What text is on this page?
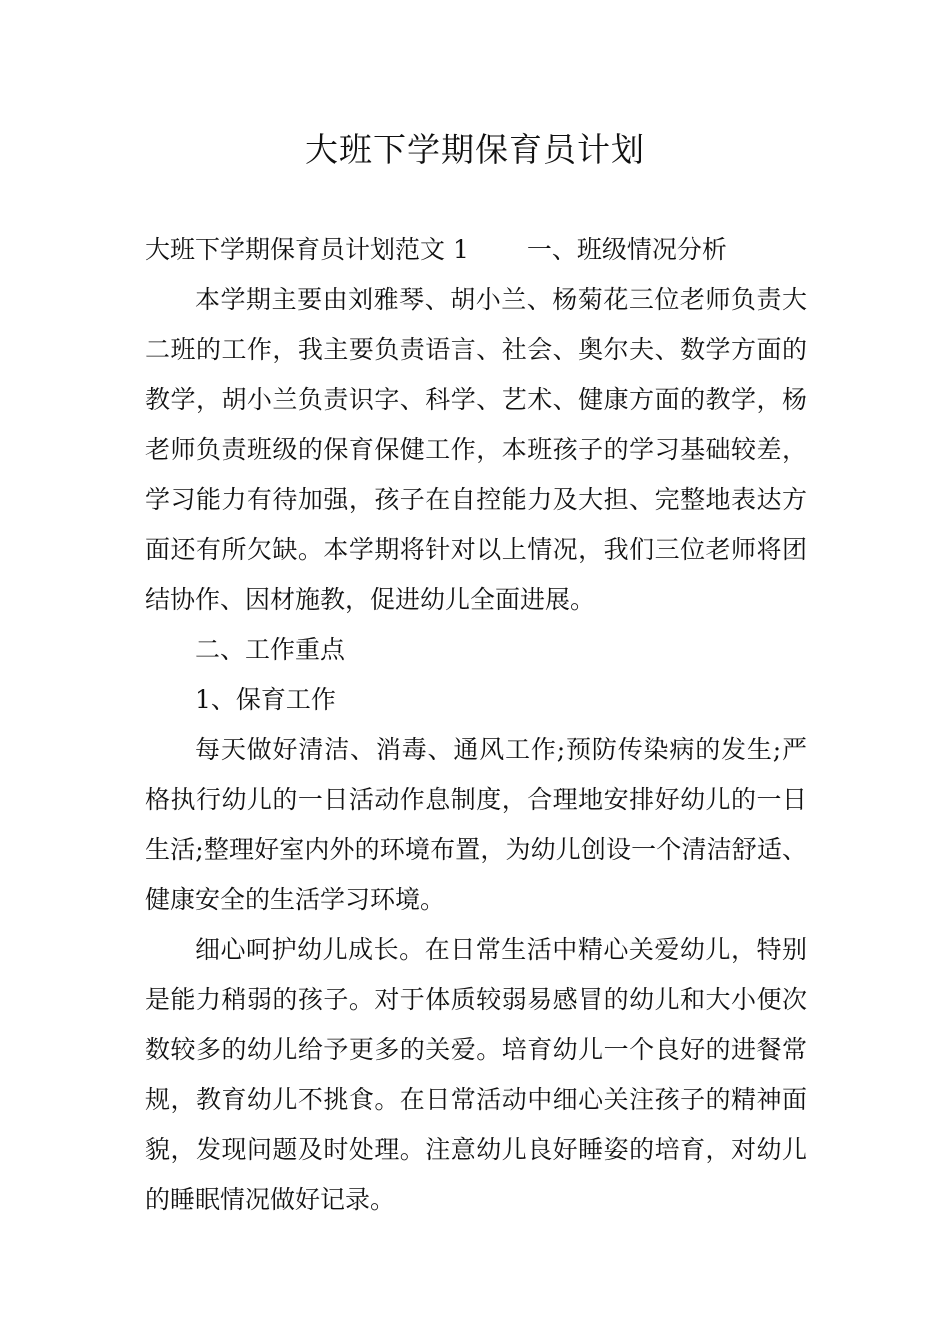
大班下学期保育员计划

大班下学期保育员计划范文 1 一、班级情况分析

本学期主要由刘雅琴、胡小兰、杨菊花三位老师负责大二班的工作，我主要负责语言、社会、奥尔夫、数学方面的教学，胡小兰负责识字、科学、艺术、健康方面的教学，杨老师负责班级的保育保健工作，本班孩子的学习基础较差，学习能力有待加强，孩子在自控能力及大担、完整地表达方面还有所欠缺。本学期将针对以上情况，我们三位老师将团结协作、因材施教，促进幼儿全面进展。

二、工作重点

1、保育工作

每天做好清洁、消毒、通风工作;预防传染病的发生;严格执行幼儿的一日活动作息制度，合理地安排好幼儿的一日生活;整理好室内外的环境布置，为幼儿创设一个清洁舒适、健康安全的生活学习环境。

细心呵护幼儿成长。在日常生活中精心关爱幼儿，特别是能力稍弱的孩子。对于体质较弱易感冒的幼儿和大小便次数较多的幼儿给予更多的关爱。培育幼儿一个良好的进餐常规，教育幼儿不挑食。在日常活动中细心关注孩子的精神面貌，发现问题及时处理。注意幼儿良好睡姿的培育，对幼儿的睡眠情况做好记录。
